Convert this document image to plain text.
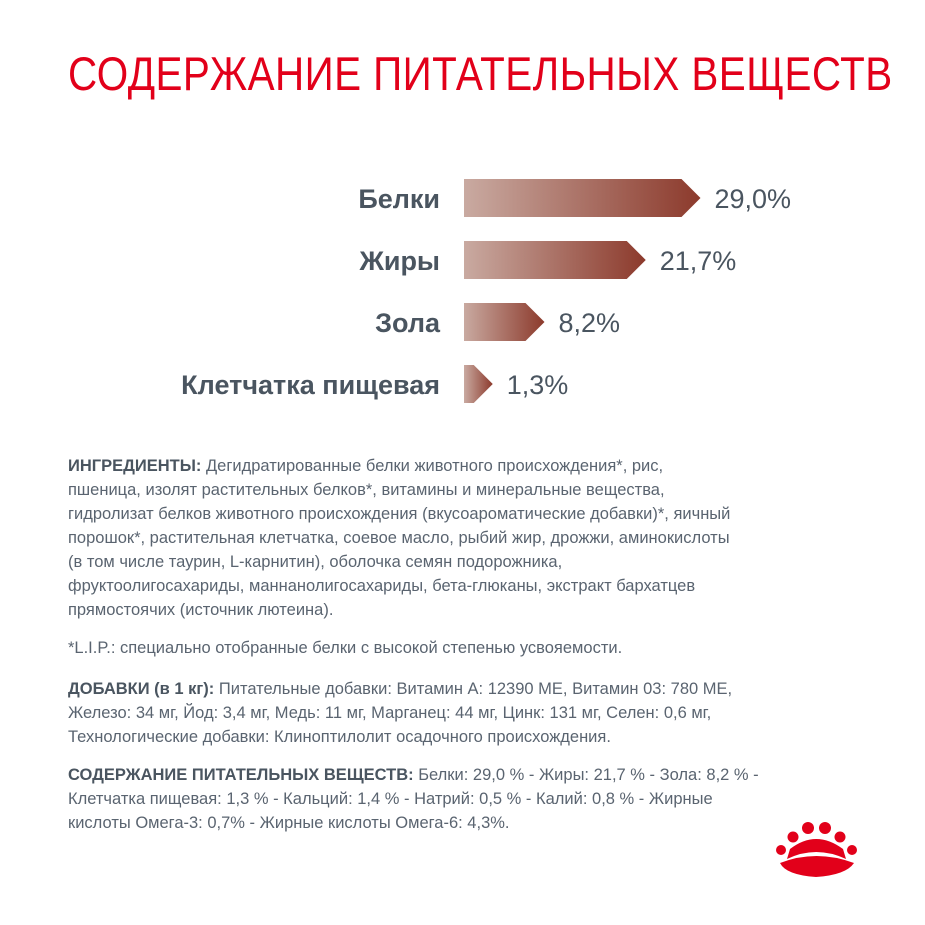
СОДЕРЖАНИЕ ПИТАТЕЛЬНЫХ ВЕЩЕСТВ
Белки	29,0%
Жиры	21,7%
Зола	8,2%
Клетчатка пищевая 1,3%
ИНГРЕДИЕНТЫ: Дегидратированные белки животного происхождения*, рис,
пшеница, изолят растительных белков*, витамины и минеральные вещества,
гидролизат белков животного происхождения (вкусоароматические добавки)*, яичный
порошок*, растительная клетчатка, соевое масло, рыбий жир, дрожжи, аминокислоты
(в том числе таурин, L-карнитин), оболочка семян подорожника,
фруктоолигосахариды, маннанолигосахариды, бета-глюканы, экстракт бархатцев
прямостоячих (источник лютеина).
*L.I.P.: специально отобранные белки с высокой степенью усвояемости.
ДОБАВКИ (в 1 кг): Питательные добавки: Витамин А: 12390 МЕ, Витамин 03: 780 МЕ,
Железо: 34 мг, Йод: 3,4 мг, Медь: 11 мг, Марганец: 44 мг, Цинк: 131 мг, Селен: 0,6 мг,
Технологические добавки: Клиноптилолит осадочного происхождения.
СОДЕРЖАНИЕ ПИТАТЕЛЬНЫХ ВЕЩЕСТВ: Белки: 29,0 % - Жиры: 21,7 % - Зола: 8,2 % -
Клетчатка пищевая: 1,3 % - Кальций: 1,4 % - Натрий: 0,5 % - Калий: 0,8 % - Жирные
кислоты Омега-3: 0,7% - Жирные кислоты Омега-6: 4,3%.
